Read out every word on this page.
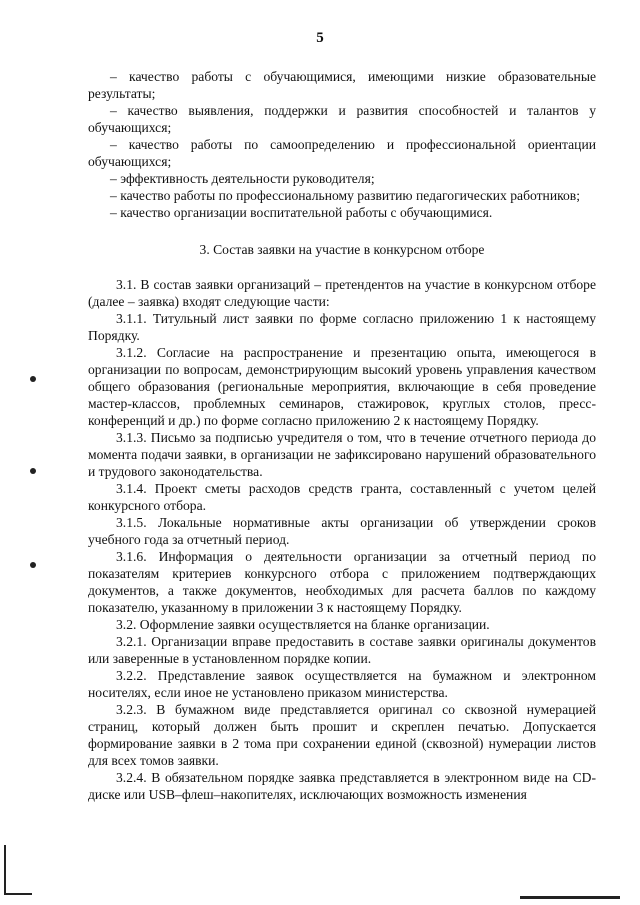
5

– качество работы с обучающимися, имеющими низкие образовательные результаты;

– качество выявления, поддержки и развития способностей и талантов у обучающихся;

– качество работы по самоопределению и профессиональной ориентации обучающихся;

– эффективность деятельности руководителя;

– качество работы по профессиональному развитию педагогических работников;

– качество организации воспитательной работы с обучающимися.

3. Состав заявки на участие в конкурсном отборе

3.1. В состав заявки организаций – претендентов на участие в конкурсном отборе (далее – заявка) входят следующие части:

3.1.1. Титульный лист заявки по форме согласно приложению 1 к настоящему Порядку.

3.1.2. Согласие на распространение и презентацию опыта, имеющегося в организации по вопросам, демонстрирующим высокий уровень управления качеством общего образования (региональные мероприятия, включающие в себя проведение мастер-классов, проблемных семинаров, стажировок, круглых столов, пресс-конференций и др.) по форме согласно приложению 2 к настоящему Порядку.

3.1.3. Письмо за подписью учредителя о том, что в течение отчетного периода до момента подачи заявки, в организации не зафиксировано нарушений образовательного и трудового законодательства.

3.1.4. Проект сметы расходов средств гранта, составленный с учетом целей конкурсного отбора.

3.1.5. Локальные нормативные акты организации об утверждении сроков учебного года за отчетный период.

3.1.6. Информация о деятельности организации за отчетный период по показателям критериев конкурсного отбора с приложением подтверждающих документов, а также документов, необходимых для расчета баллов по каждому показателю, указанному в приложении 3 к настоящему Порядку.

3.2. Оформление заявки осуществляется на бланке организации.

3.2.1. Организации вправе предоставить в составе заявки оригиналы документов или заверенные в установленном порядке копии.

3.2.2. Представление заявок осуществляется на бумажном и электронном носителях, если иное не установлено приказом министерства.

3.2.3. В бумажном виде представляется оригинал со сквозной нумерацией страниц, который должен быть прошит и скреплен печатью. Допускается формирование заявки в 2 тома при сохранении единой (сквозной) нумерации листов для всех томов заявки.

3.2.4. В обязательном порядке заявка представляется в электронном виде на CD-диске или USB–флеш–накопителях, исключающих возможность изменения
